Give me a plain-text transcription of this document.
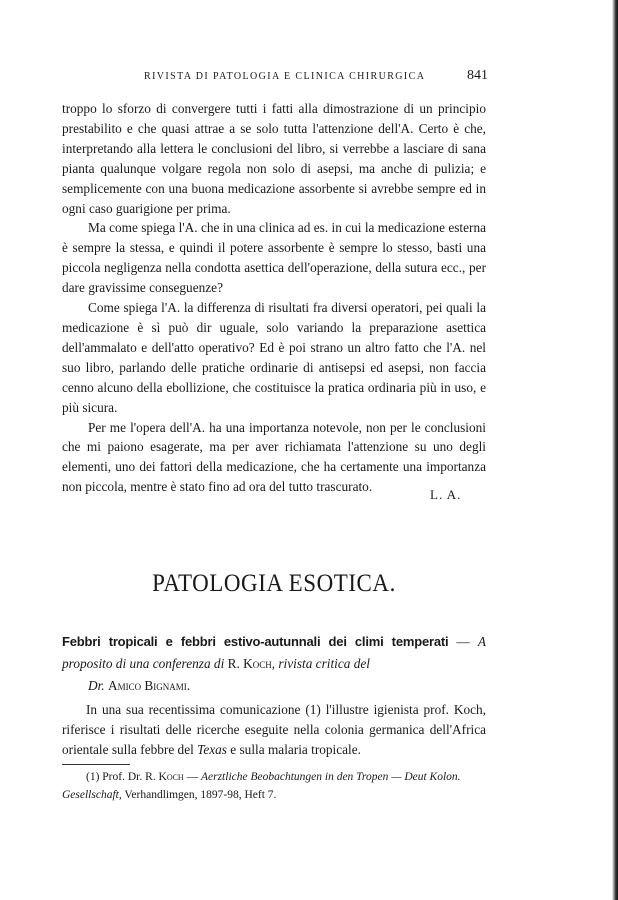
RIVISTA DI PATOLOGIA E CLINICA CHIRURGICA	841

troppo lo sforzo di convergere tutti i fatti alla dimostrazione di un principio prestabilito e che quasi attrae a se solo tutta l'attenzione dell'A. Certo è che, interpretando alla lettera le conclusioni del libro, si verrebbe a lasciare di sana pianta qualunque volgare regola non solo di asepsi, ma anche di pulizia; e semplicemente con una buona medicazione assorbente si avrebbe sempre ed in ogni caso guarigione per prima.

Ma come spiega l'A. che in una clinica ad es. in cui la medicazione esterna è sempre la stessa, e quindi il potere assorbente è sempre lo stesso, basti una piccola negligenza nella condotta asettica dell'operazione, della sutura ecc., per dare gravissime conseguenze?

Come spiega l'A. la differenza di risultati fra diversi operatori, pei quali la medicazione è sì può dir uguale, solo variando la preparazione asettica dell'ammalato e dell'atto operativo? Ed è poi strano un altro fatto che l'A. nel suo libro, parlando delle pratiche ordinarie di antisepsi ed asepsi, non faccia cenno alcuno della ebollizione, che costituisce la pratica ordinaria più in uso, e più sicura.

Per me l'opera dell'A. ha una importanza notevole, non per le conclusioni che mi paiono esagerate, ma per aver richiamata l'attenzione su uno degli elementi, uno dei fattori della medicazione, che ha certamente una importanza non piccola, mentre è stato fino ad ora del tutto trascurato.

L. A.
PATOLOGIA ESOTICA.
Febbri tropicali e febbri estivo-autunnali dei climi temperati — A proposito di una conferenza di R. Koch, rivista critica del
Dr. Amico Bignami.

In una sua recentissima comunicazione (1) l'illustre igienista prof. Koch, riferisce i risultati delle ricerche eseguite nella colonia germanica dell'Africa orientale sulla febbre del Texas e sulla malaria tropicale.

(1) Prof. Dr. R. Koch — Aerztliche Beobachtungen in den Tropen — Deut Kolon. Gesellschaft, Verhandlimgen, 1897-98, Heft 7.
